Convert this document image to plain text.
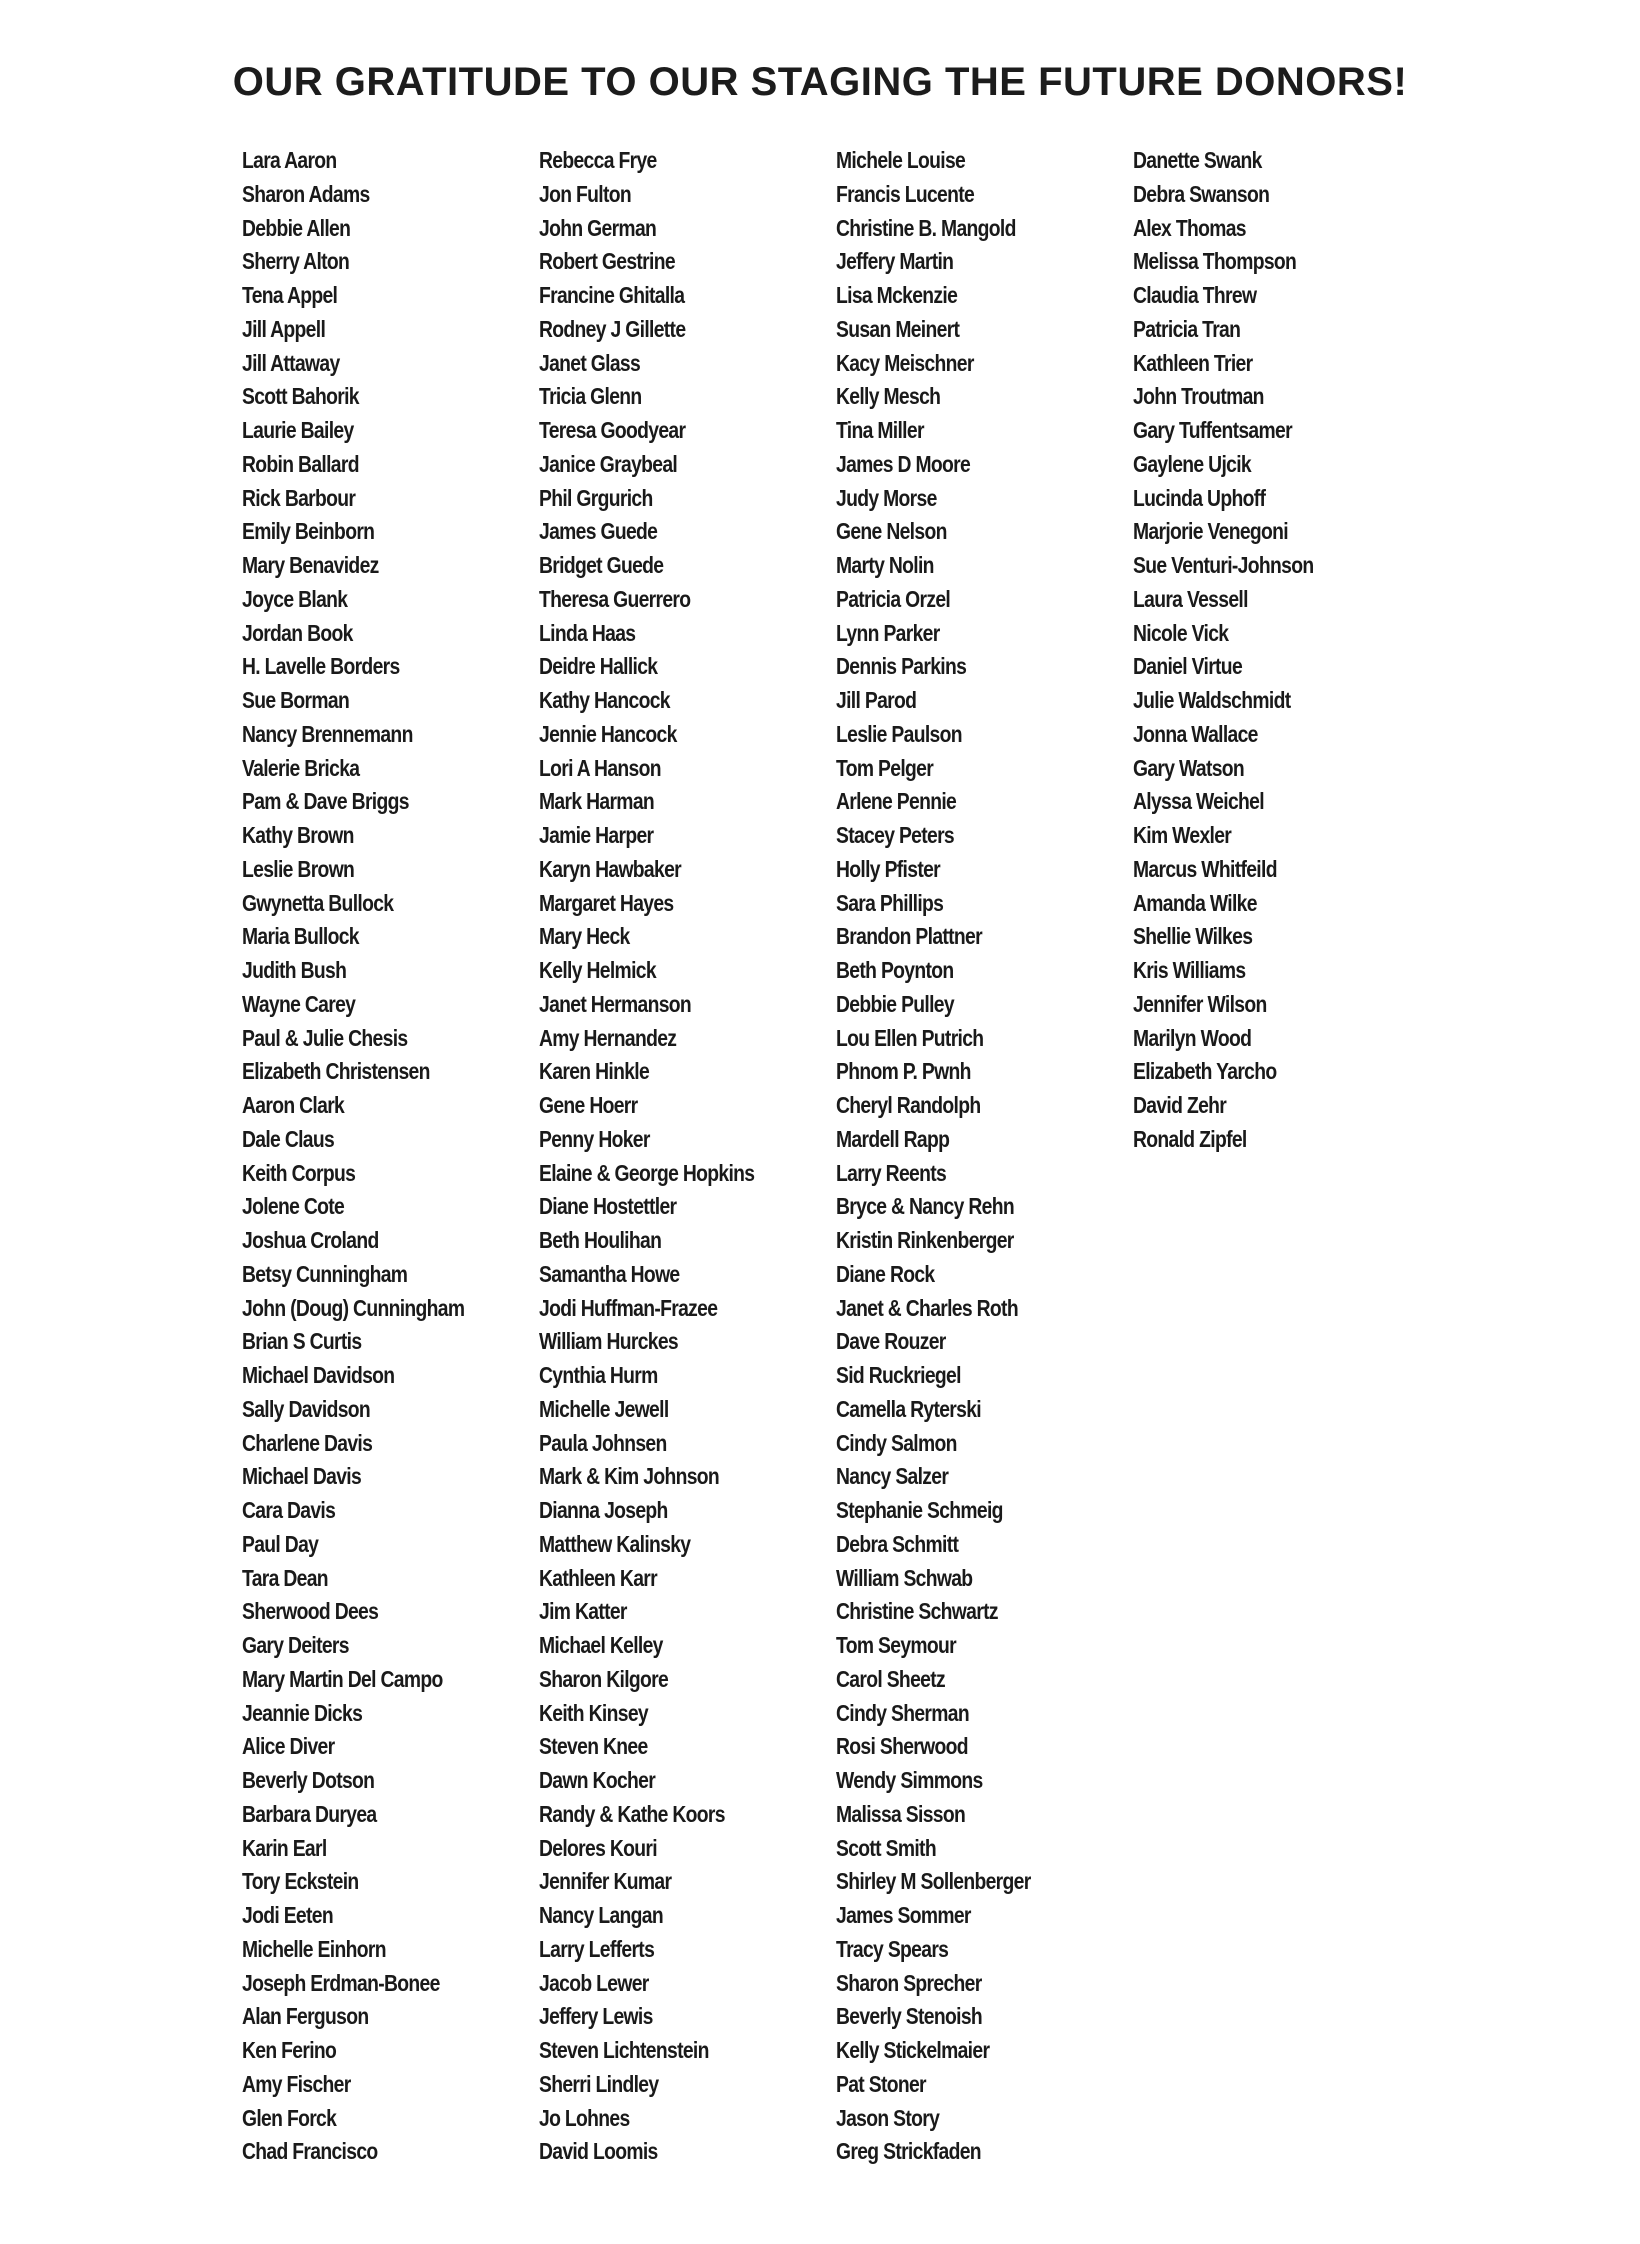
OUR GRATITUDE TO OUR STAGING THE FUTURE DONORS!
Lara Aaron
Sharon Adams
Debbie Allen
Sherry Alton
Tena Appel
Jill Appell
Jill Attaway
Scott Bahorik
Laurie Bailey
Robin Ballard
Rick Barbour
Emily Beinborn
Mary Benavidez
Joyce Blank
Jordan Book
H. Lavelle Borders
Sue Borman
Nancy Brennemann
Valerie Bricka
Pam & Dave Briggs
Kathy Brown
Leslie Brown
Gwynetta Bullock
Maria Bullock
Judith Bush
Wayne Carey
Paul & Julie Chesis
Elizabeth Christensen
Aaron Clark
Dale Claus
Keith Corpus
Jolene Cote
Joshua Croland
Betsy Cunningham
John (Doug) Cunningham
Brian S Curtis
Michael Davidson
Sally Davidson
Charlene Davis
Michael Davis
Cara Davis
Paul Day
Tara Dean
Sherwood Dees
Gary Deiters
Mary Martin Del Campo
Jeannie Dicks
Alice Diver
Beverly Dotson
Barbara Duryea
Karin Earl
Tory Eckstein
Jodi Eeten
Michelle Einhorn
Joseph Erdman-Bonee
Alan Ferguson
Ken Ferino
Amy Fischer
Glen Forck
Chad Francisco
Rebecca Frye
Jon Fulton
John German
Robert Gestrine
Francine Ghitalla
Rodney J Gillette
Janet Glass
Tricia Glenn
Teresa Goodyear
Janice Graybeal
Phil Grgurich
James Guede
Bridget Guede
Theresa Guerrero
Linda Haas
Deidre Hallick
Kathy Hancock
Jennie Hancock
Lori A Hanson
Mark Harman
Jamie Harper
Karyn Hawbaker
Margaret Hayes
Mary Heck
Kelly Helmick
Janet Hermanson
Amy Hernandez
Karen Hinkle
Gene Hoerr
Penny Hoker
Elaine & George Hopkins
Diane Hostettler
Beth Houlihan
Samantha Howe
Jodi Huffman-Frazee
William Hurckes
Cynthia Hurm
Michelle Jewell
Paula Johnsen
Mark & Kim Johnson
Dianna Joseph
Matthew Kalinsky
Kathleen Karr
Jim Katter
Michael Kelley
Sharon Kilgore
Keith Kinsey
Steven Knee
Dawn Kocher
Randy & Kathe Koors
Delores Kouri
Jennifer Kumar
Nancy Langan
Larry Lefferts
Jacob Lewer
Jeffery Lewis
Steven Lichtenstein
Sherri Lindley
Jo Lohnes
David Loomis
Michele Louise
Francis Lucente
Christine B. Mangold
Jeffery Martin
Lisa Mckenzie
Susan Meinert
Kacy Meischner
Kelly Mesch
Tina Miller
James D Moore
Judy Morse
Gene Nelson
Marty Nolin
Patricia Orzel
Lynn Parker
Dennis Parkins
Jill Parod
Leslie Paulson
Tom Pelger
Arlene Pennie
Stacey Peters
Holly Pfister
Sara Phillips
Brandon Plattner
Beth Poynton
Debbie Pulley
Lou Ellen Putrich
Phnom P. Pwnh
Cheryl Randolph
Mardell Rapp
Larry Reents
Bryce & Nancy Rehn
Kristin Rinkenberger
Diane Rock
Janet & Charles Roth
Dave Rouzer
Sid Ruckriegel
Camella Ryterski
Cindy Salmon
Nancy Salzer
Stephanie Schmeig
Debra Schmitt
William Schwab
Christine Schwartz
Tom Seymour
Carol Sheetz
Cindy Sherman
Rosi Sherwood
Wendy Simmons
Malissa Sisson
Scott Smith
Shirley M Sollenberger
James Sommer
Tracy Spears
Sharon Sprecher
Beverly Stenoish
Kelly Stickelmaier
Pat Stoner
Jason Story
Greg Strickfaden
Danette Swank
Debra Swanson
Alex Thomas
Melissa Thompson
Claudia Threw
Patricia Tran
Kathleen Trier
John Troutman
Gary Tuffentsamer
Gaylene Ujcik
Lucinda Uphoff
Marjorie Venegoni
Sue Venturi-Johnson
Laura Vessell
Nicole Vick
Daniel Virtue
Julie Waldschmidt
Jonna Wallace
Gary Watson
Alyssa Weichel
Kim Wexler
Marcus Whitfeild
Amanda Wilke
Shellie Wilkes
Kris Williams
Jennifer Wilson
Marilyn Wood
Elizabeth Yarcho
David Zehr
Ronald Zipfel
